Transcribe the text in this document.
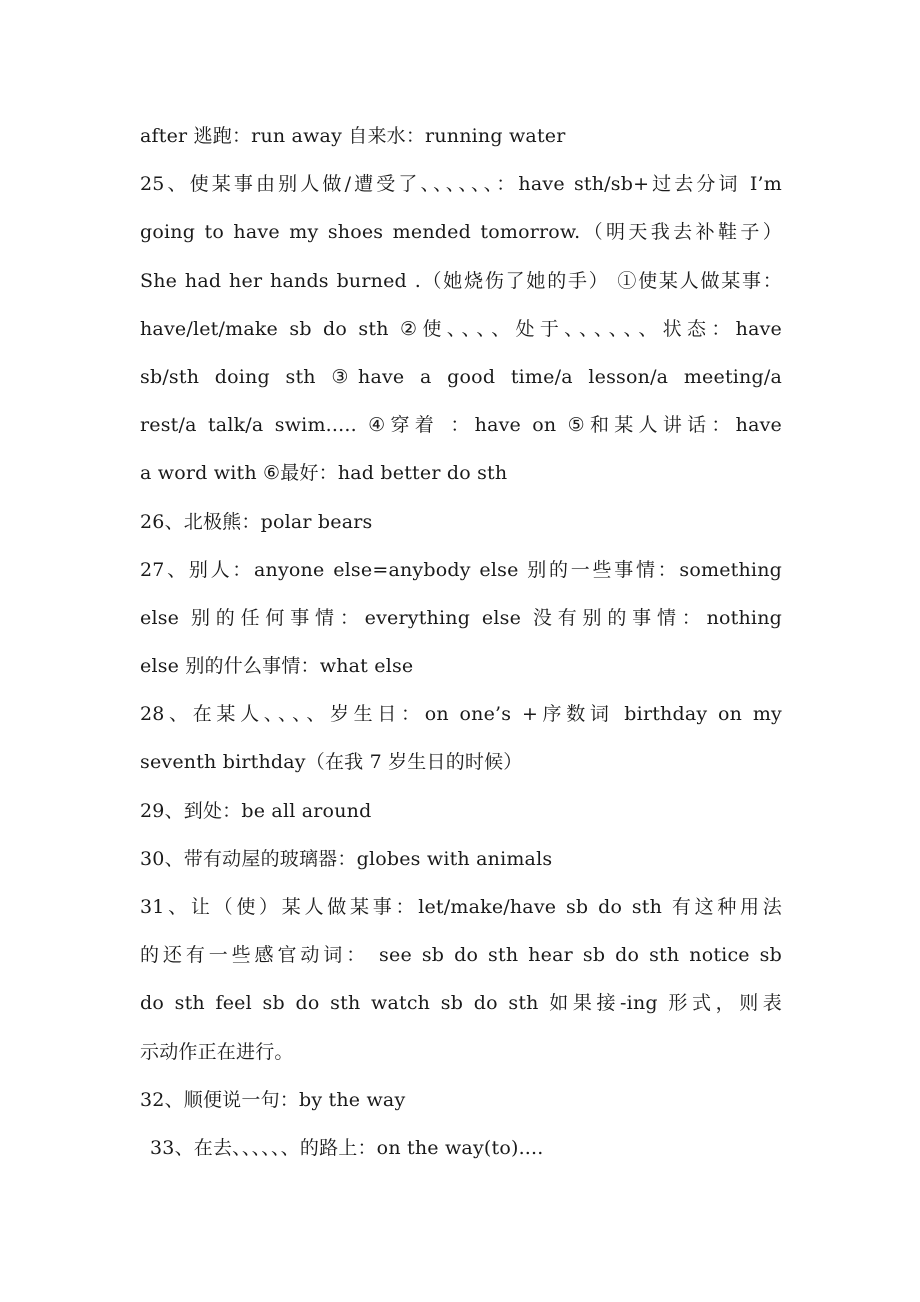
after 逃跑：run away 自来水：running water
25、使某事由别人做/遭受了、、、、、、：have sth/sb+过去分词 I’m
going to have my shoes mended tomorrow.（明天我去补鞋子）
She had her hands burned .（她烧伤了她的手） ①使某人做某事：
have/let/make sb do sth ②使、、、、处于、、、、、、状态：have
sb/sth doing sth ③have a good time/a lesson/a meeting/a
rest/a talk/a swim..... ④穿着 ：have on ⑤和某人讲话：have
a word with ⑥最好：had better do sth
26、北极熊：polar bears
27、别人：anyone else=anybody else 别的一些事情：something
else 别的任何事情：everything else 没有别的事情：nothing
else 别的什么事情：what else
28、在某人、、、、岁生日：on one’s +序数词 birthday on my
seventh birthday（在我 7 岁生日的时候）
29、到处：be all around
30、带有动屋的玻璃器：globes with animals
31、让（使）某人做某事：let/make/have sb do sth 有这种用法
的还有一些感官动词： see sb do sth hear sb do sth notice sb
do sth feel sb do sth watch sb do sth 如果接-ing 形式，则表
示动作正在进行。
32、顺便说一句：by the way
33、在去、、、、、、的路上：on the way(to)....
